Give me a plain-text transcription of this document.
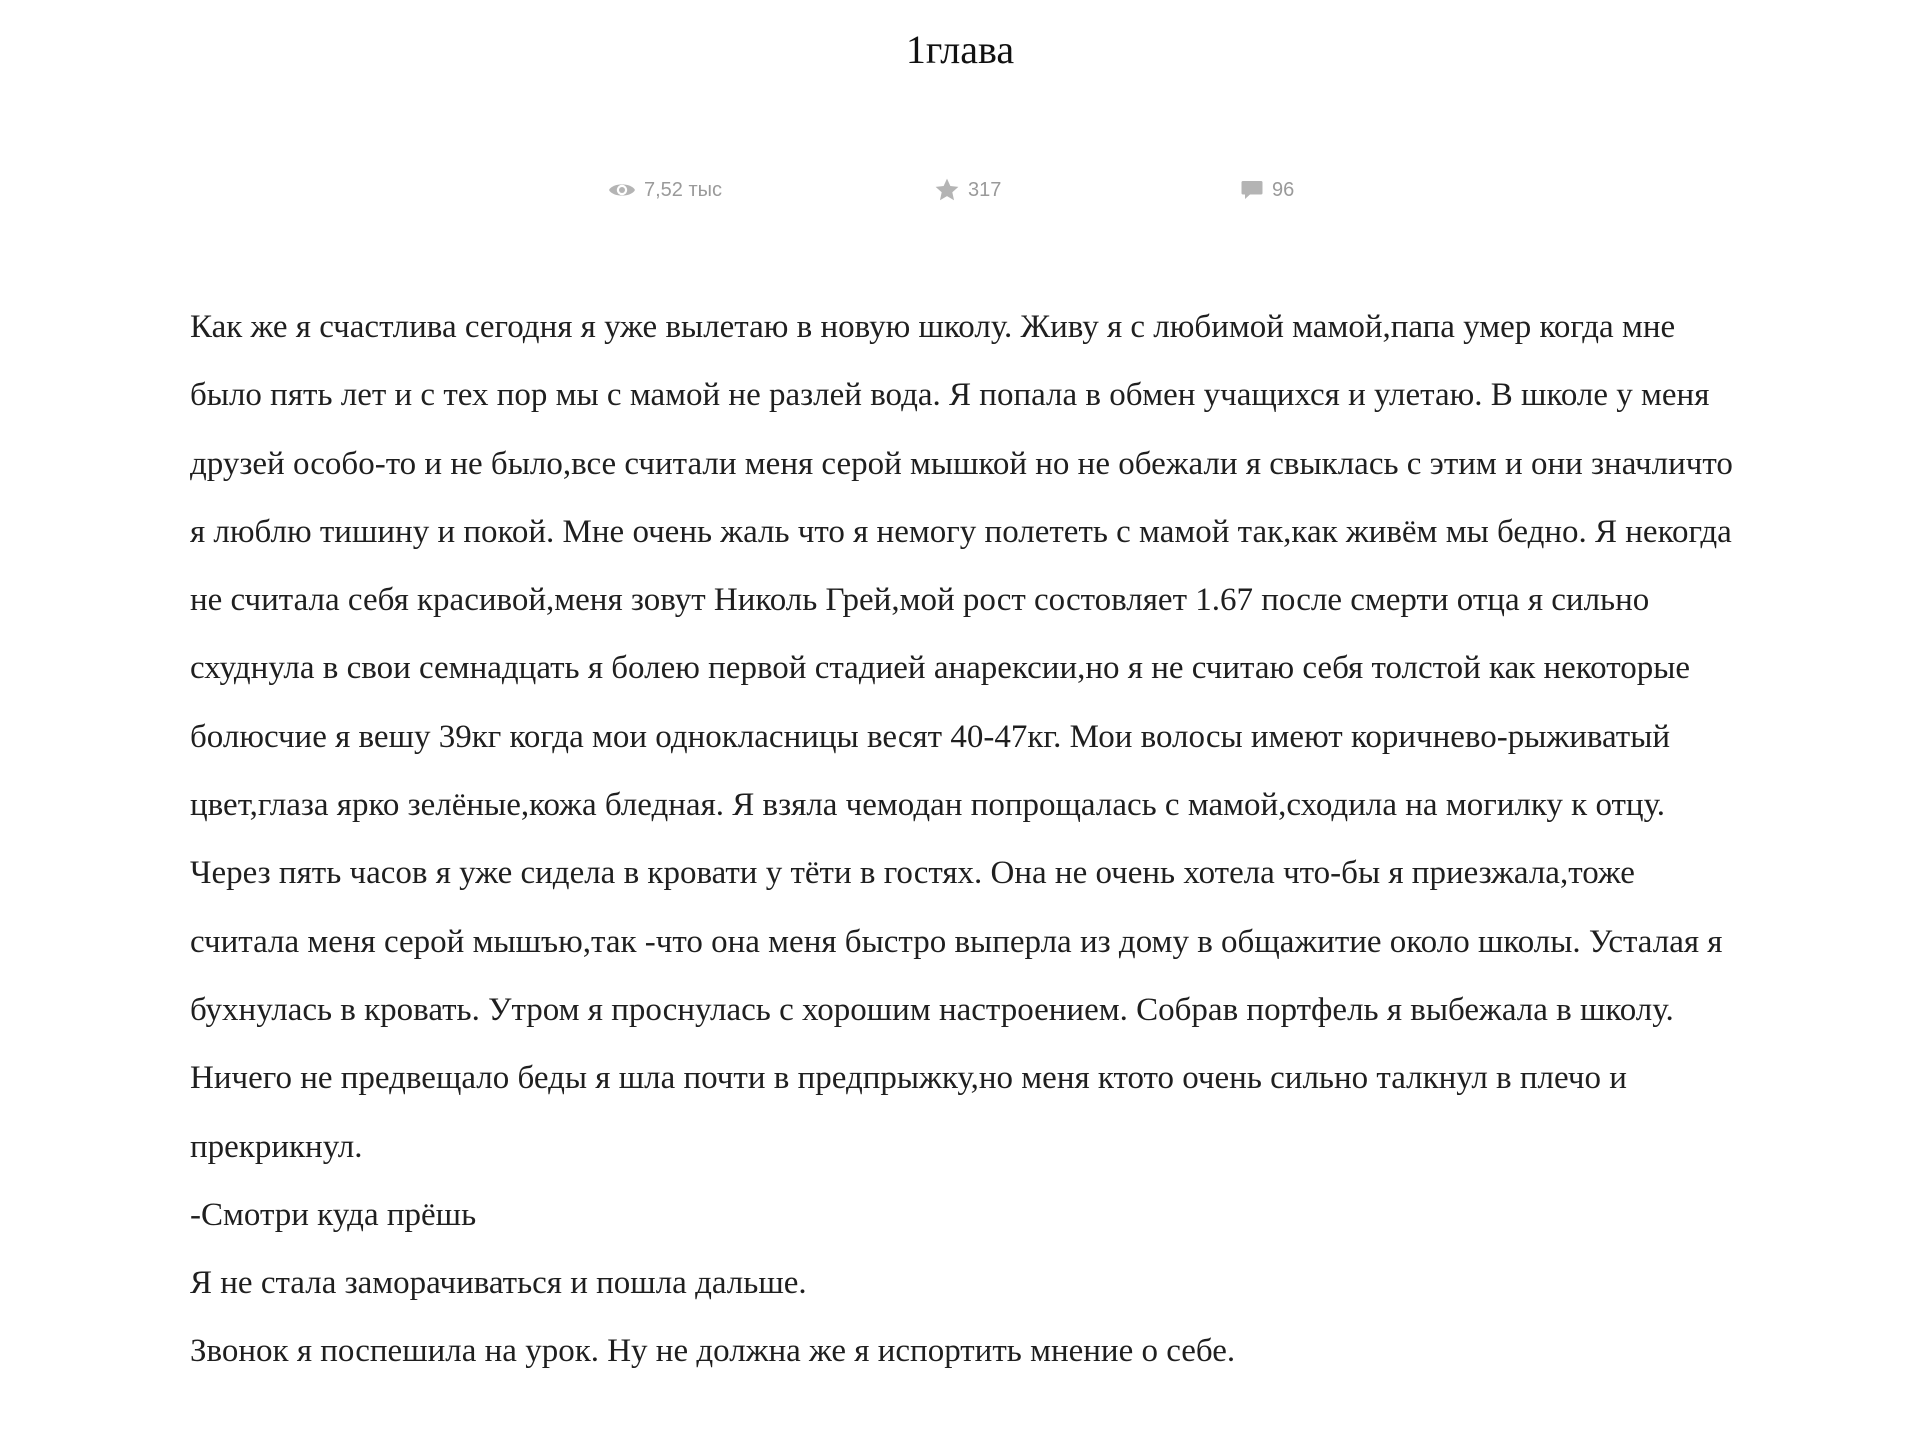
1глава
7,52 тыс	317	96

Как же я счастлива сегодня я уже вылетаю в новую школу. Живу я с любимой мамой,папа умер когда мне было пять лет и с тех пор мы с мамой не разлей вода. Я попала в обмен учащихся и улетаю. В школе у меня друзей особо-то и не было,все считали меня серой мышкой но не обежали я свыклась с этим и они значличто я люблю тишину и покой. Мне очень жаль что я немогу полететь с мамой так,как живём мы бедно. Я некогда не считала себя красивой,меня зовут Николь Грей,мой рост состовляет 1.67 после смерти отца я сильно схуднула в свои семнадцать я болею первой стадией анарексии,но я не считаю себя толстой как некоторые болюсчие я вешу 39кг когда мои однокласницы весят 40-47кг. Мои волосы имеют коричнево-рыживатый цвет,глаза ярко зелёные,кожа бледная. Я взяла чемодан попрощалась с мамой,сходила на могилку к отцу. Через пять часов я уже сидела в кровати у тёти в гостях. Она не очень хотела что-бы я приезжала,тоже считала меня серой мышъю,так -что она меня быстро выперла из дому в общажитие около школы. Усталая я бухнулась в кровать. Утром я проснулась с хорошим настроением. Собрав портфель я выбежала в школу. Ничего не предвещало беды я шла почти в предпрыжку,но меня ктото очень сильно талкнул в плечо и прекрикнул.

-Смотри куда прёшь

Я не стала заморачиваться и пошла дальше.

Звонок я поспешила на урок. Ну не должна же я испортить мнение о себе.
